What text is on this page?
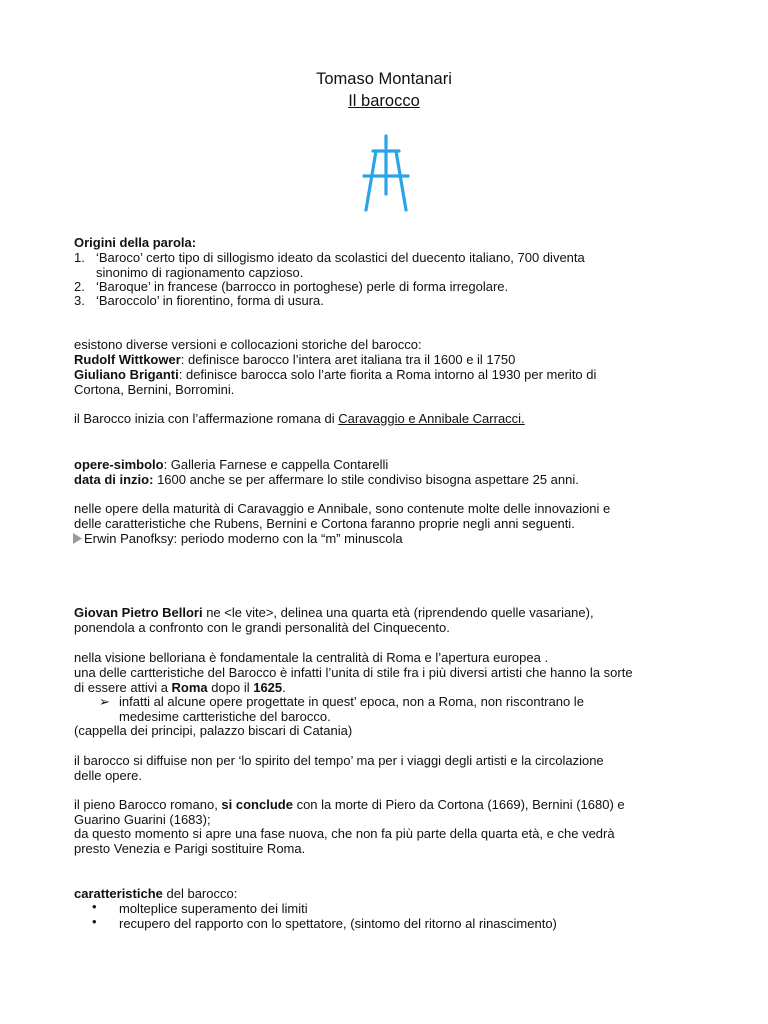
Tomaso Montanari
Il barocco
Origini della parola:
1. ‘Baroco’ certo tipo di sillogismo ideato da scolastici del duecento italiano, 700 diventa
sinonimo di ragionamento capzioso.
2. ‘Baroque’ in francese (barrocco in portoghese) perle di forma irregolare.
3. ‘Baroccolo’ in fiorentino, forma di usura.
esistono diverse versioni e collocazioni storiche del barocco:
Rudolf Wittkower: definisce barocco l’intera aret italiana tra il 1600 e il 1750
Giuliano Briganti: definisce barocca solo l’arte fiorita a Roma intorno al 1930 per merito di
Cortona, Bernini, Borromini.
il Barocco inizia con l’affermazione romana di Caravaggio e Annibale Carracci.
opere-simbolo: Galleria Farnese e cappella Contarelli
data di inzio: 1600 anche se per affermare lo stile condiviso bisogna aspettare 25 anni.
nelle opere della maturità di Caravaggio e Annibale, sono contenute molte delle innovazioni e
delle caratteristiche che Rubens, Bernini e Cortona faranno proprie negli anni seguenti.
Erwin Panofksy: periodo moderno con la “m” minuscola
Giovan Pietro Bellori ne <le vite>, delinea una quarta età (riprendendo quelle vasariane),
ponendola a confronto con le grandi personalità del Cinquecento.
nella visione belloriana è fondamentale la centralità di Roma e l’apertura europea .
una delle cartteristiche del Barocco è infatti l’unita di stile fra i più diversi artisti che hanno la sorte
di essere attivi a Roma dopo il 1625.
➢ infatti al alcune opere progettate in quest’ epoca, non a Roma, non riscontrano le
medesime cartteristiche del barocco.
(cappella dei principi, palazzo biscari di Catania)
il barocco si diffuise non per ‘lo spirito del tempo’ ma per i viaggi degli artisti e la circolazione
delle opere.
il pieno Barocco romano, si conclude con la morte di Piero da Cortona (1669), Bernini (1680) e
Guarino Guarini (1683);
da questo momento si apre una fase nuova, che non fa più parte della quarta età, e che vedrà
presto Venezia e Parigi sostituire Roma.
caratteristiche del barocco:
• molteplice superamento dei limiti
• recupero del rapporto con lo spettatore, (sintomo del ritorno al rinascimento)
